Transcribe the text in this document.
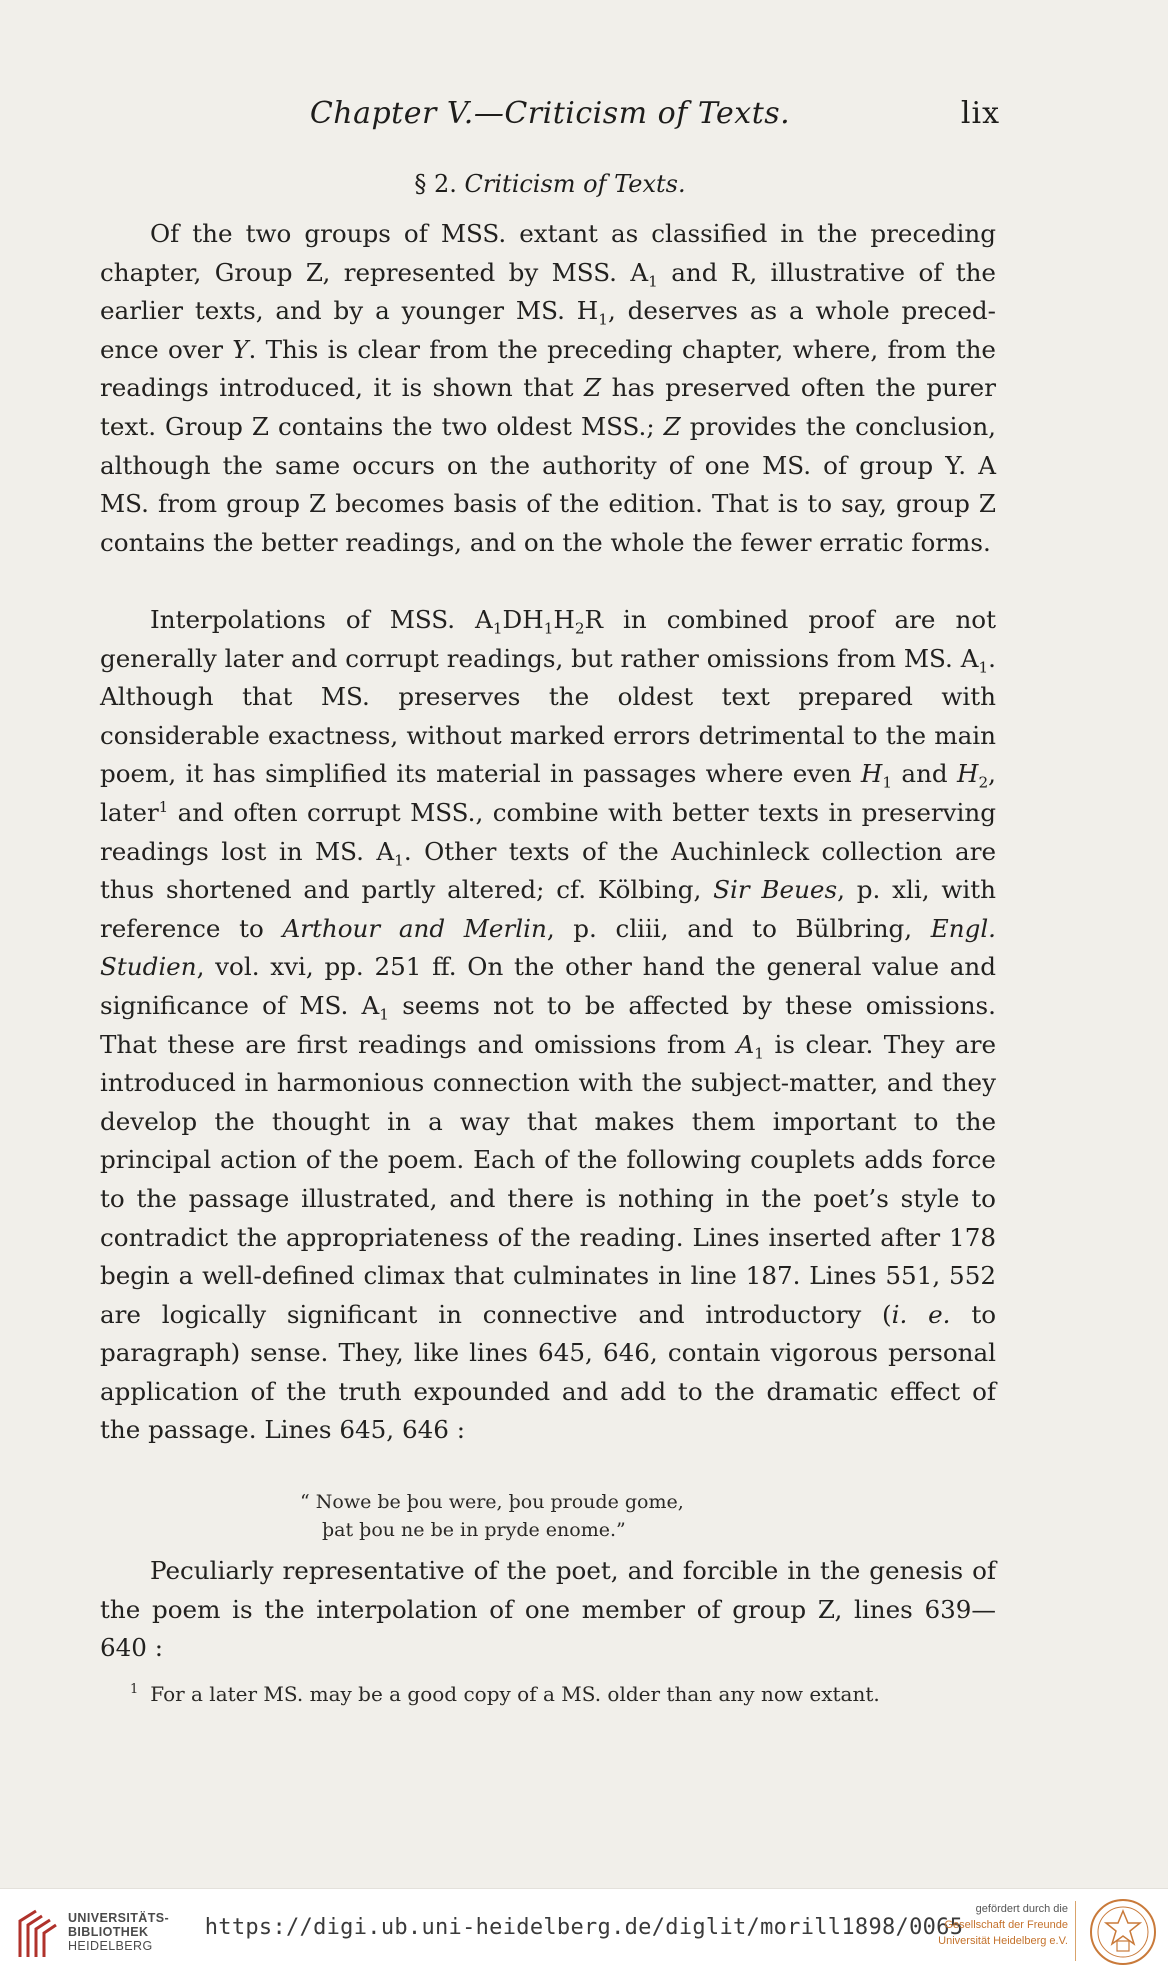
Chapter V.—Criticism of Texts.	lix
§ 2. Criticism of Texts.

Of the two groups of MSS. extant as classified in the preceding chapter, Group Z, represented by MSS. $A_1$ and R, illustrative of the earlier texts, and by a younger MS. $H_1$, deserves as a whole precedence over Y. This is clear from the preceding chapter, where, from the readings introduced, it is shown that Z has preserved often the purer text. Group Z contains the two oldest MSS.; Z provides the conclusion, although the same occurs on the authority of one MS. of group Y. A MS. from group Z becomes basis of the edition. That is to say, group Z contains the better readings, and on the whole the fewer erratic forms.

Interpolations of MSS. $A_1DH_1H_2R$ in combined proof are not generally later and corrupt readings, but rather omissions from MS. $A_1$. Although that MS. preserves the oldest text prepared with considerable exactness, without marked errors detrimental to the main poem, it has simplified its material in passages where even $H_1$ and $H_2$, later$^1$ and often corrupt MSS., combine with better texts in preserving readings lost in MS. $A_1$. Other texts of the Auchinleck collection are thus shortened and partly altered; cf. Kölbing, Sir Beues, p. xli, with reference to Arthour and Merlin, p. cliii, and to Bülbring, Engl. Studien, vol. xvi, pp. 251 ff. On the other hand the general value and significance of MS. $A_1$ seems not to be affected by these omissions. That these are first readings and omissions from $A_1$ is clear. They are introduced in harmonious connection with the subject-matter, and they develop the thought in a way that makes them important to the principal action of the poem. Each of the following couplets adds force to the passage illustrated, and there is nothing in the poet’s style to contradict the appropriateness of the reading. Lines inserted after 178 begin a well-defined climax that culminates in line 187. Lines 551, 552 are logically significant in connective and introductory (i. e. to paragraph) sense. They, like lines 645, 646, contain vigorous personal application of the truth expounded and add to the dramatic effect of the passage. Lines 645, 646 :

“ Nowe be þou were, þou proude gome,
þat þou ne be in pryde enome.”

Peculiarly representative of the poet, and forcible in the genesis of the poem is the interpolation of one member of group Z, lines 639—640 :

$^1$ For a later MS. may be a good copy of a MS. older than any now extant.
UNIVERSITÄTS-
BIBLIOTHEK
HEIDELBERG
https://digi.ub.uni-heidelberg.de/diglit/morill1898/0065
gefördert durch die
Gesellschaft der Freunde
Universität Heidelberg e.V.
